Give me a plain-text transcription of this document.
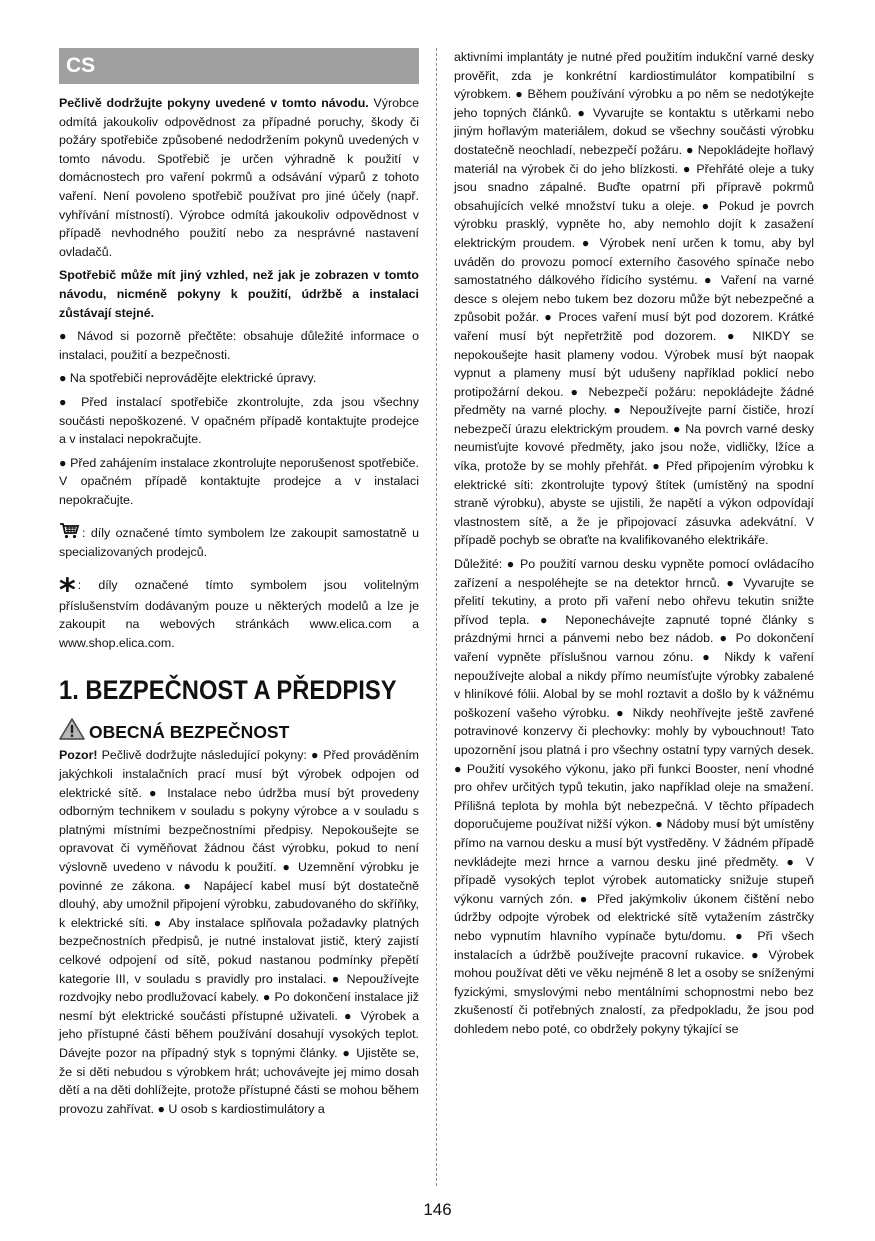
CS

Pečlivě dodržujte pokyny uvedené v tomto návodu. Výrobce odmítá jakoukoliv odpovědnost za případné poruchy, škody či požáry spotřebiče způsobené nedodržením pokynů uvedených v tomto návodu. Spotřebič je určen výhradně k použití v domácnostech pro vaření pokrmů a odsávání výparů z tohoto vaření. Není povoleno spotřebič používat pro jiné účely (např. vyhřívání místností). Výrobce odmítá jakoukoliv odpovědnost v případě nevhodného použití nebo za nesprávné nastavení ovladačů.

Spotřebič může mít jiný vzhled, než jak je zobrazen v tomto návodu, nicméně pokyny k použití, údržbě a instalaci zůstávají stejné.

● Návod si pozorně přečtěte: obsahuje důležité informace o instalaci, použití a bezpečnosti.

● Na spotřebiči neprovádějte elektrické úpravy.

● Před instalací spotřebiče zkontrolujte, zda jsou všechny součásti nepoškozené. V opačném případě kontaktujte prodejce a v instalaci nepokračujte.

● Před zahájením instalace zkontrolujte neporušenost spotřebiče. V opačném případě kontaktujte prodejce a v instalaci nepokračujte.

: díly označené tímto symbolem lze zakoupit samostatně u specializovaných prodejců.

* : díly označené tímto symbolem jsou volitelným příslušenstvím dodávaným pouze u některých modelů a lze je zakoupit na webových stránkách www.elica.com a www.shop.elica.com.

1. BEZPEČNOST A PŘEDPISY
OBECNÁ BEZPEČNOST

Pozor! Pečlivě dodržujte následující pokyny: ● Před prováděním jakýchkoli instalačních prací musí být výrobek odpojen od elektrické sítě. ● Instalace nebo údržba musí být provedeny odborným technikem v souladu s pokyny výrobce a v souladu s platnými místními bezpečnostními předpisy. Nepokoušejte se opravovat či vyměňovat žádnou část výrobku, pokud to není výslovně uvedeno v návodu k použití. ● Uzemnění výrobku je povinné ze zákona. ● Napájecí kabel musí být dostatečně dlouhý, aby umožnil připojení výrobku, zabudovaného do skříňky, k elektrické síti. ● Aby instalace splňovala požadavky platných bezpečnostních předpisů, je nutné instalovat jistič, který zajistí celkové odpojení od sítě, pokud nastanou podmínky přepětí kategorie III, v souladu s pravidly pro instalaci. ● Nepoužívejte rozdvojky nebo prodlužovací kabely. ● Po dokončení instalace již nesmí být elektrické součásti přístupné uživateli. ● Výrobek a jeho přístupné části během používání dosahují vysokých teplot. Dávejte pozor na případný styk s topnými články. ● Ujistěte se, že si děti nebudou s výrobkem hrát; uchovávejte jej mimo dosah dětí a na děti dohlížejte, protože přístupné části se mohou během provozu zahřívat. ● U osob s kardiostimulátory a

aktivními implantáty je nutné před použitím indukční varné desky prověřit, zda je konkrétní kardiostimulátor kompatibilní s výrobkem. ● Během používání výrobku a po něm se nedotýkejte jeho topných článků. ● Vyvarujte se kontaktu s utěrkami nebo jiným hořlavým materiálem, dokud se všechny součásti výrobku dostatečně neochladí, nebezpečí požáru. ● Nepokládejte hořlavý materiál na výrobek či do jeho blízkosti. ● Přehřáté oleje a tuky jsou snadno zápalné. Buďte opatrní při přípravě pokrmů obsahujících velké množství tuku a oleje. ● Pokud je povrch výrobku prasklý, vypněte ho, aby nemohlo dojít k zasažení elektrickým proudem. ● Výrobek není určen k tomu, aby byl uváděn do provozu pomocí externího časového spínače nebo samostatného dálkového řídicího systému. ● Vaření na varné desce s olejem nebo tukem bez dozoru může být nebezpečné a způsobit požár. ● Proces vaření musí být pod dozorem. Krátké vaření musí být nepřetržitě pod dozorem. ● NIKDY se nepokoušejte hasit plameny vodou. Výrobek musí být naopak vypnut a plameny musí být udušeny například poklicí nebo protipožární dekou. ● Nebezpečí požáru: nepokládejte žádné předměty na varné plochy. ● Nepoužívejte parní čističe, hrozí nebezpečí úrazu elektrickým proudem. ● Na povrch varné desky neumisťujte kovové předměty, jako jsou nože, vidličky, lžíce a víka, protože by se mohly přehřát. ● Před připojením výrobku k elektrické síti: zkontrolujte typový štítek (umístěný na spodní straně výrobku), abyste se ujistili, že napětí a výkon odpovídají vlastnostem sítě, a že je připojovací zásuvka adekvátní. V případě pochyb se obraťte na kvalifikovaného elektrikáře.

Důležité: ● Po použití varnou desku vypněte pomocí ovládacího zařízení a nespoléhejte se na detektor hrnců. ● Vyvarujte se přelití tekutiny, a proto při vaření nebo ohřevu tekutin snižte přívod tepla. ● Neponechávejte zapnuté topné články s prázdnými hrnci a pánvemi nebo bez nádob. ● Po dokončení vaření vypněte příslušnou varnou zónu. ● Nikdy k vaření nepoužívejte alobal a nikdy přímo neumísťujte výrobky zabalené v hliníkové fólii. Alobal by se mohl roztavit a došlo by k vážnému poškození vašeho výrobku. ● Nikdy neohřívejte ještě zavřené potravinové konzervy či plechovky: mohly by vybouchnout! Tato upozornění jsou platná i pro všechny ostatní typy varných desek. ● Použití vysokého výkonu, jako při funkci Booster, není vhodné pro ohřev určitých typů tekutin, jako například oleje na smažení. Přílišná teplota by mohla být nebezpečná. V těchto případech doporučujeme používat nižší výkon. ● Nádoby musí být umístěny přímo na varnou desku a musí být vystředěny. V žádném případě nevkládejte mezi hrnce a varnou desku jiné předměty. ● V případě vysokých teplot výrobek automaticky snižuje stupeň výkonu varných zón. ● Před jakýmkoliv úkonem čištění nebo údržby odpojte výrobek od elektrické sítě vytažením zástrčky nebo vypnutím hlavního vypínače bytu/domu. ● Při všech instalacích a údržbě používejte pracovní rukavice. ● Výrobek mohou používat děti ve věku nejméně 8 let a osoby se sníženými fyzickými, smyslovými nebo mentálními schopnostmi nebo bez zkušeností či potřebných znalostí, za předpokladu, že jsou pod dohledem nebo poté, co obdržely pokyny týkající se

146
